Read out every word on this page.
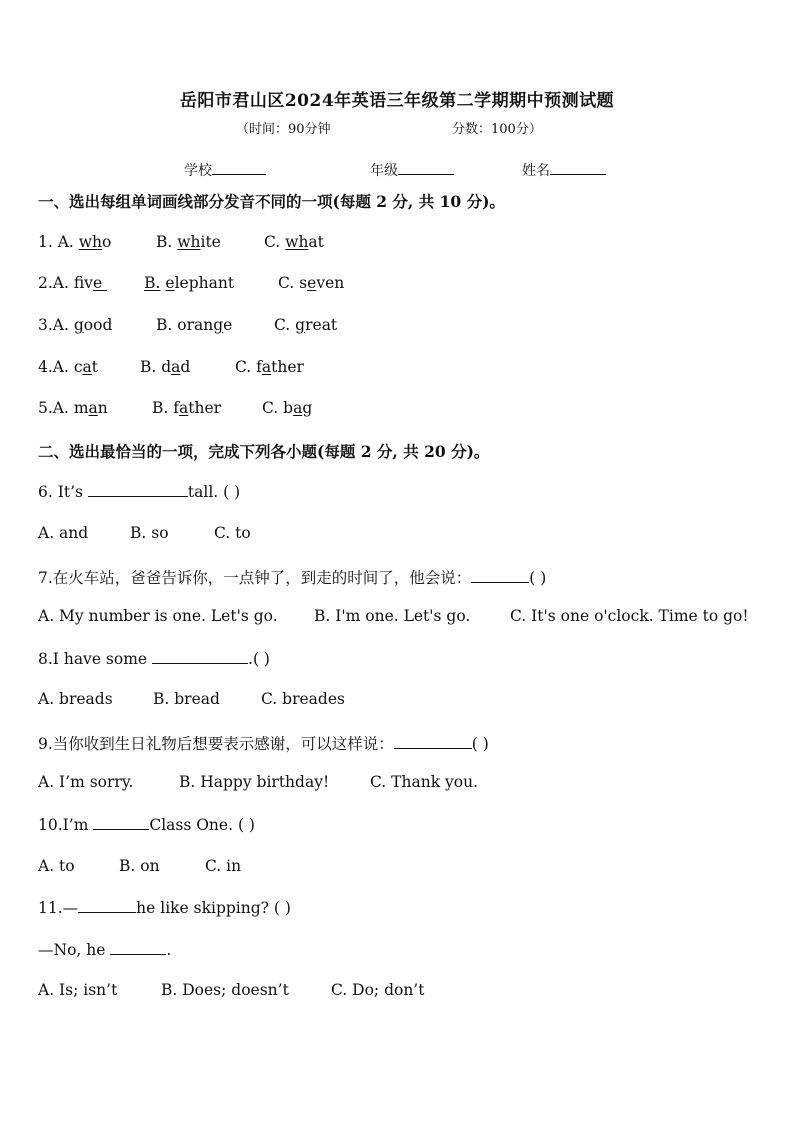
岳阳市君山区2024年英语三年级第二学期期中预测试题
（时间：90分钟	分数：100分）
学校	年级	姓名
一、选出每组单词画线部分发音不同的一项(每题 2 分, 共 10 分)。
1. A. who	B. white	C. what
2.A. five	B. elephant	C. seven
3.A. good	B. orange	C. great
4.A. cat	B. dad	C. father
5.A. man	B. father	C. bag
二、选出最恰当的一项，完成下列各小题(每题 2 分, 共 20 分)。
6. It’s	tall. ( )
A. and	B. so	C. to
7.在火车站，爸爸告诉你，一点钟了，到走的时间了，他会说：	( )
A. My number is one. Let's go. B. I'm one. Let's go.	C. It's one o'clock. Time to go!
8.I have some	.( )
A. breads	B. bread	C. breades
9.当你收到生日礼物后想要表示感谢，可以这样说：	( )
A. I’m sorry.	B. Happy birthday!	C. Thank you.
10.I’m	Class One. ( )
A. to	B. on	C. in
11.—	he like skipping? ( )
—No, he	.
A. Is; isn’t	B. Does; doesn’t	C. Do; don’t
